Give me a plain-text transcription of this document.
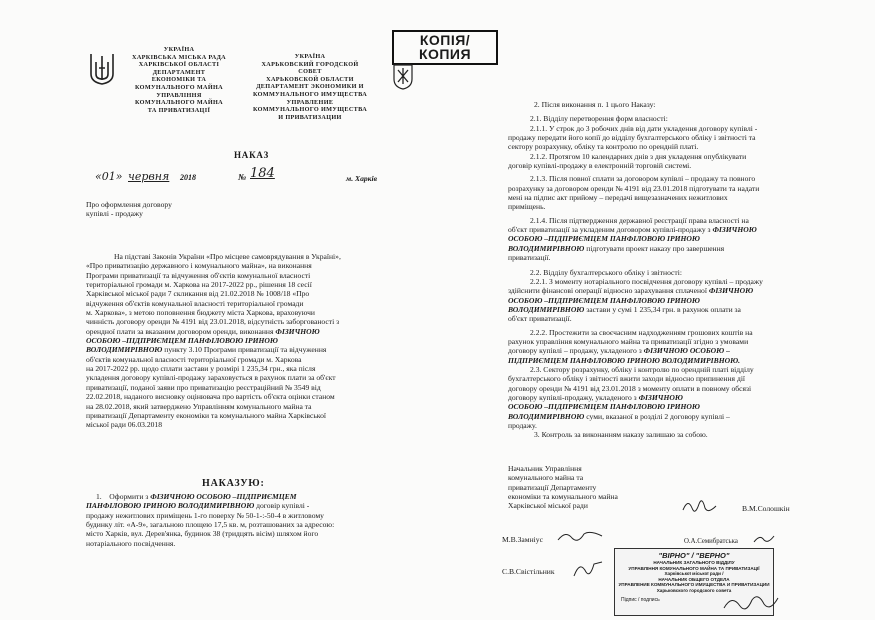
УКРАЇНА
ХАРКІВСЬКА МІСЬКА РАДА
ХАРКІВСЬКОЇ ОБЛАСТІ
ДЕПАРТАМЕНТ
ЕКОНОМІКИ ТА
КОМУНАЛЬНОГО МАЙНА
УПРАВЛІННЯ
КОМУНАЛЬНОГО МАЙНА
ТА ПРИВАТИЗАЦІЇ
УКРАЇНА
ХАРЬКОВСКИЙ ГОРОДСКОЙ
СОВЕТ
ХАРЬКОВСКОЙ ОБЛАСТИ
ДЕПАРТАМЕНТ ЭКОНОМИКИ И
КОММУНАЛЬНОГО ИМУЩЕСТВА
УПРАВЛЕНИЕ
КОММУНАЛЬНОГО ИМУЩЕСТВА
И ПРИВАТИЗАЦИИ
КОПІЯ/
КОПИЯ
НАКАЗ
«01» червня 2018	№ 184	м. Харків
Про оформлення договору
купівлі - продажу
На підставі Законів України «Про місцеве самоврядування в Україні»,
«Про приватизацію державного і комунального майна», на виконання
Програми приватизації та відчуження об'єктів комунальної власності
територіальної громади м. Харкова на 2017-2022 рр., рішення 18 сесії
Харківської міської ради 7 скликання від 21.02.2018 № 1008/18 «Про
відчуження об'єктів комунальної власності територіальної громади
м. Харкова», з метою поповнення бюджету міста Харкова, враховуючи
чинність договору оренди № 4191 від 23.01.2018, відсутність заборгованості з
орендної плати за вказаним договором оренди, виконання ФІЗИЧНОЮ
ОСОБОЮ –ПІДПРИЄМЦЕМ ПАНФІЛОВОЮ ІРИНОЮ
ВОЛОДИМИРІВНОЮ пункту 3.10 Програми приватизації та відчуження
об'єктів комунальної власності територіальної громади м. Харкова
на 2017-2022 рр. щодо сплати застави у розмірі 1 235,34 грн., яка після
укладення договору купівлі-продажу зараховується в рахунок плати за об'єкт
приватизації, поданої заяви про приватизацію реєстраційний № 3549 від
22.02.2018, наданого висновку оцінювача про вартість об'єкта оцінки станом
на 28.02.2018, який затверджено Управлінням комунального майна та
приватизації Департаменту економіки та комунального майна Харківської
міської ради 06.03.2018
НАКАЗУЮ:
1. Оформити з ФІЗИЧНОЮ ОСОБОЮ –ПІДПРИЄМЦЕМ
ПАНФІЛОВОЮ ІРИНОЮ ВОЛОДИМИРІВНОЮ договір купівлі -
продажу нежитлових приміщень 1-го поверху № 50-1-:-50-4 в житловому
будинку літ. «А-9», загальною площею 17,5 кв. м, розташованих за адресою:
місто Харків, вул. Дерев'янка, будинок 38 (тридцять вісім) шляхом його
нотаріального посвідчення.
2. Після виконання п. 1 цього Наказу:
2.1. Відділу перетворення форм власності:
2.1.1. У строк до 3 робочих днів від дати укладення договору купівлі -
продажу передати його копії до відділу бухгалтерського обліку і звітності та
сектору розрахунку, обліку та контролю по орендній платі.
2.1.2. Протягом 10 календарних днів з дня укладення опублікувати
договір купівлі-продажу в електронній торговій системі.
2.1.3. Після повної сплати за договором купівлі – продажу та повного
розрахунку за договором оренди № 4191 від 23.01.2018 підготувати та надати
мені на підпис акт прийому – передачі вищезазначених нежитлових
приміщень.
2.1.4. Після підтвердження державної реєстрації права власності на
об'єкт приватизації за укладеним договором купівлі-продажу з ФІЗИЧНОЮ
ОСОБОЮ –ПІДПРИЄМЦЕМ ПАНФІЛОВОЮ ІРИНОЮ
ВОЛОДИМИРІВНОЮ підготувати проект наказу про завершення
приватизації.
2.2. Відділу бухгалтерського обліку і звітності:
2.2.1. З моменту нотаріального посвідчення договору купівлі – продажу
здійснити фінансові операції відносно зарахування сплаченої ФІЗИЧНОЮ
ОСОБОЮ –ПІДПРИЄМЦЕМ ПАНФІЛОВОЮ ІРИНОЮ
ВОЛОДИМИРІВНОЮ застави у сумі 1 235,34 грн. в рахунок оплати за
об'єкт приватизації.
2.2.2. Простежити за своєчасним надходженням грошових коштів на
рахунок управління комунального майна та приватизації згідно з умовами
договору купівлі – продажу, укладеного з ФІЗИЧНОЮ ОСОБОЮ –
ПІДПРИЄМЦЕМ ПАНФІЛОВОЮ ІРИНОЮ ВОЛОДИМИРІВНОЮ.
2.3. Сектору розрахунку, обліку і контролю по орендній платі відділу
бухгалтерського обліку і звітності вжити заходи відносно припинення дії
договору оренди № 4191 від 23.01.2018 з моменту оплати в повному обсязі
договору купівлі-продажу, укладеного з ФІЗИЧНОЮ
ОСОБОЮ –ПІДПРИЄМЦЕМ ПАНФІЛОВОЮ ІРИНОЮ
ВОЛОДИМИРІВНОЮ суми, вказаної в розділі 2 договору купівлі –
продажу.
3. Контроль за виконанням наказу залишаю за собою.
Начальник Управління
комунального майна та
приватизації Департаменту
економіки та комунального майна
Харківської міської ради	В.М.Солошкін
М.В.Замніус	О.А.Семибратська
С.В.Свістільник
"ВІРНО" / "ВЕРНО"
НАЧАЛЬНИК ЗАГАЛЬНОГО ВІДДІЛУ
УПРАВЛІННЯ КОМУНАЛЬНОГО МАЙНА ТА ПРИВАТИЗАЦІЇ
Харківської міської ради /
НАЧАЛЬНИК ОБЩЕГО ОТДЕЛА
УПРАВЛЕНИЕ КОММУНАЛЬНОГО ИМУЩЕСТВА И ПРИВАТИЗАЦИИ
Харьковского городского совета
Підпис / подпись
